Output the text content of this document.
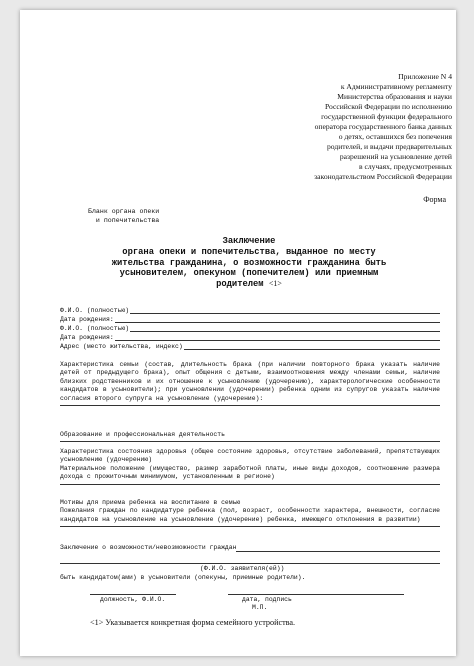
Приложение N 4
к Административному регламенту
Министерства образования и науки
Российской Федерации по исполнению
государственной функции федерального
оператора государственного банка данных
о детях, оставшихся без попечения
родителей, и выдачи предварительных
разрешений на усыновление детей
в случаях, предусмотренных
законодательством Российской Федерации
Форма
Бланк органа опеки
и попечительства
Заключение
органа опеки и попечительства, выданное по месту
жительства гражданина, о возможности гражданина быть
усыновителем, опекуном (попечителем) или приемным
родителем <1>
Ф.И.О. (полностью)
Дата рождения:
Ф.И.О. (полностью)
Дата рождения:
Адрес (место жительства, индекс)
Характеристика семьи (состав, длительность брака (при наличии повторного брака указать наличие детей от предыдущего брака), опыт общения с детьми, взаимоотношения между членами семьи, наличие близких родственников и их отношение к усыновлению (удочерению), характерологические особенности кандидатов в усыновители); при усыновлении (удочерении) ребенка одним из супругов указать наличие согласия второго супруга на усыновление (удочерение):
Образование и профессиональная деятельность
Характеристика состояния здоровья (общее состояние здоровья, отсутствие заболеваний, препятствующих усыновлению (удочерению)
Материальное положение (имущество, размер заработной платы, иные виды доходов, соотношение размера дохода с прожиточным минимумом, установленным в регионе)
Мотивы для приема ребенка на воспитание в семью
Пожелания граждан по кандидатуре ребенка (пол, возраст, особенности характера, внешности, согласие кандидатов на усыновление на усыновление (удочерение) ребенка, имеющего отклонения в развитии)
Заключение о возможности/невозможности граждан
(Ф.И.О. заявителя(ей))
быть кандидатом(ами) в усыновители (опекуны, приемные родители).
должность, Ф.И.О.	дата, подпись
М.П.
<1> Указывается конкретная форма семейного устройства.
